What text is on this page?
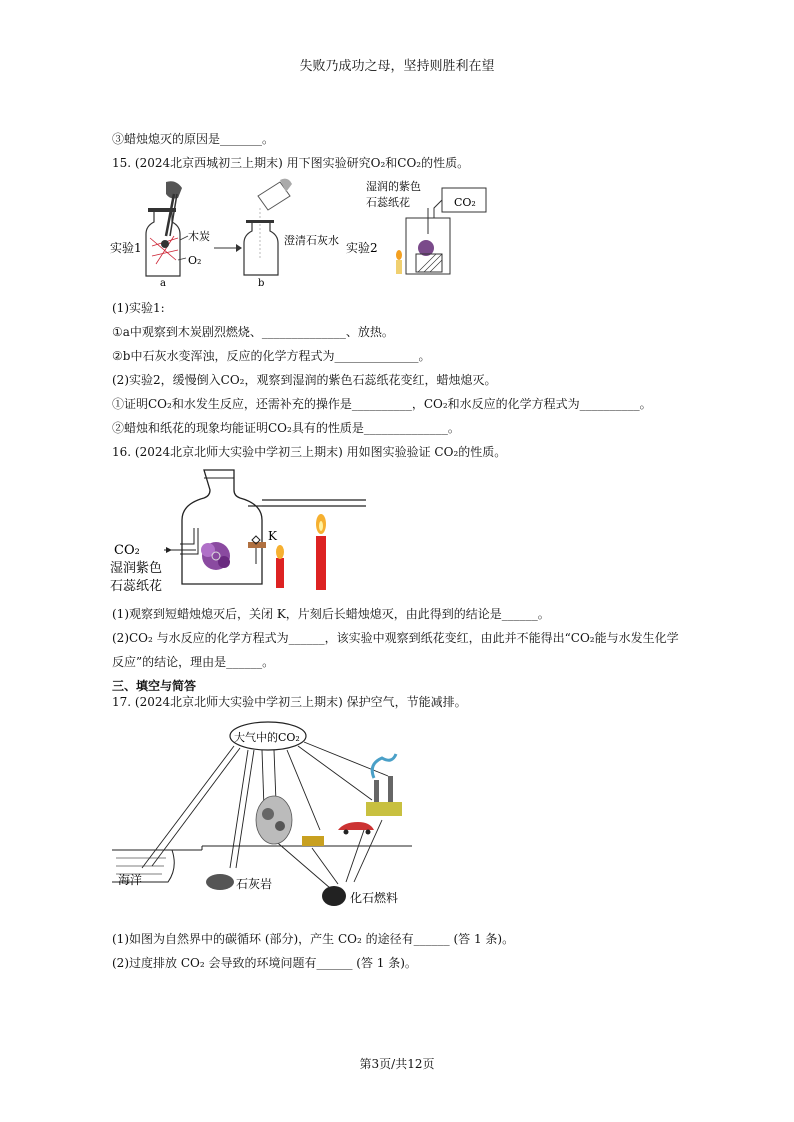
失败乃成功之母，坚持则胜利在望
③蜡烛熄灭的原因是_______。
15. (2024北京西城初三上期末) 用下图实验研究O₂和CO₂的性质。
实验1
木炭
O₂
a	b
澄清石灰水
实验2
湿润的紫色
石蕊纸花	CO₂
(1)实验1:
①a中观察到木炭剧烈燃烧、______________、放热。
②b中石灰水变浑浊，反应的化学方程式为______________。
(2)实验2，缓慢倒入CO₂，观察到湿润的紫色石蕊纸花变红，蜡烛熄灭。
①证明CO₂和水发生反应，还需补充的操作是__________，CO₂和水反应的化学方程式为__________。
②蜡烛和纸花的现象均能证明CO₂具有的性质是______________。
16. (2024北京北师大实验中学初三上期末) 用如图实验验证 CO₂的性质。
K
CO₂
湿润紫色
石蕊纸花
(1)观察到短蜡烛熄灭后，关闭 K，片刻后长蜡烛熄灭，由此得到的结论是______。
(2)CO₂ 与水反应的化学方程式为______，该实验中观察到纸花变红，由此并不能得出“CO₂能与水发生化学
反应”的结论，理由是______。
三、填空与简答
17. (2024北京北师大实验中学初三上期末) 保护空气，节能减排。
大气中的CO₂
海洋	石灰岩
化石燃料
(1)如图为自然界中的碳循环 (部分)，产生 CO₂ 的途径有______ (答 1 条)。
(2)过度排放 CO₂ 会导致的环境问题有______ (答 1 条)。
第3页/共12页
